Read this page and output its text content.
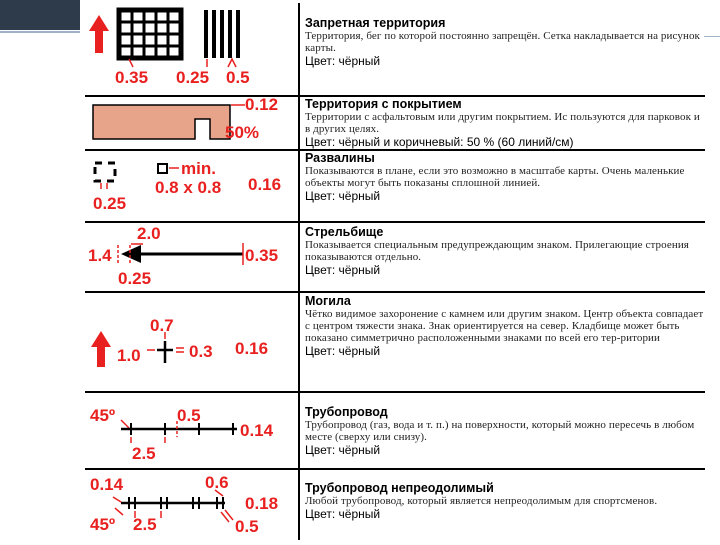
0.35 0.25 0.5
Запретная территория
Территория, бег по которой постоянно запрещён. Сетка накладывается на рисунок карты.
Цвет: чёрный
0.12
50%
Территория с покрытием
Территории с асфальтовым или другим покрытием. Ис пользуются для парковок и в других целях.
Цвет: чёрный и коричневый: 50 % (60 линий/см)
min.
0.8 x 0.8 0.16
0.25
Развалины
Показываются в плане, если это возможно в масштабе карты. Очень маленькие объекты могут быть показаны сплошной линией.
Цвет: чёрный
2.0
1.4	0.35
0.25
Стрельбище
Показывается специальным предупреждающим знаком. Прилегающие строения показываются отдельно.
Цвет: чёрный
0.7
1.0	0.3 0.16
Могила
Чётко видимое захоронение с камнем или другим знаком. Центр объекта совпадает с центром тяжести знака. Знак ориентируется на север. Кладбище может быть показано симметрично расположенными знаками по всей его тер-ритории
Цвет: чёрный
45º	0.5
0.14
2.5
Трубопровод
Трубопровод (газ, вода и т. п.) на поверхности, который можно пересечь в любом месте (сверху или снизу).
Цвет: чёрный
0.14	0.6
0.18
45º 2.5	0.5
Трубопровод непреодолимый
Любой трубопровод, который является непреодолимым для спортсменов.
Цвет: чёрный
